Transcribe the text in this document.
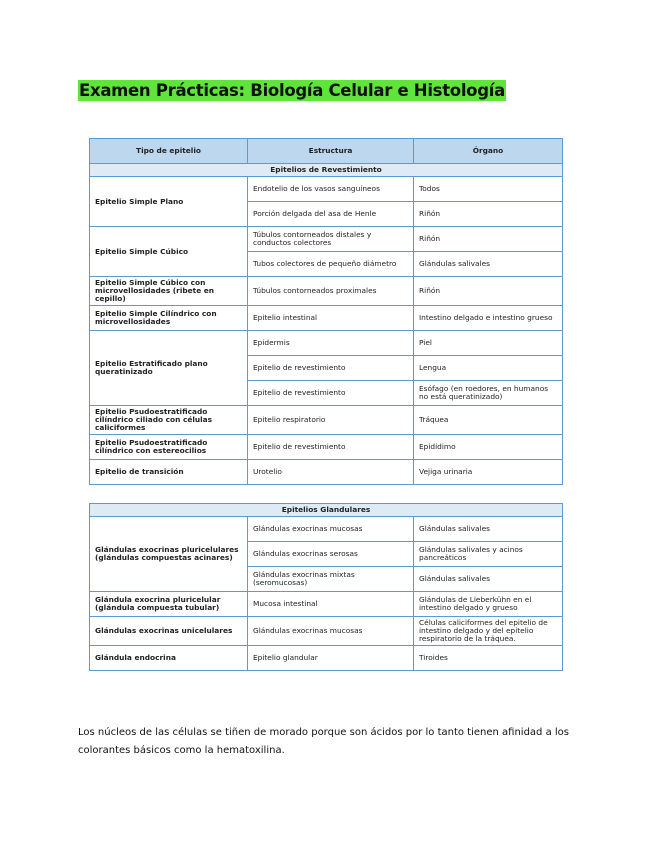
Examen Prácticas: Biología Celular e Histología
Tipo de epitelio	Estructura	Órgano
Epitelios de Revestimiento		
Epitelio Simple Plano	Endotelio de los vasos sanguíneos	Todos
	Porción delgada del asa de Henle	Riñón
Epitelio Simple Cúbico	Túbulos contorneados distales y conductos colectores	Riñón
	Tubos colectores de pequeño diámetro	Glándulas salivales
Epitelio Simple Cúbico con microvellosidades (ribete en cepillo)	Túbulos contorneados proximales	Riñón
Epitelio Simple Cilíndrico con microvellosidades	Epitelio intestinal	Intestino delgado e intestino grueso
Epitelio Estratificado plano queratinizado	Epidermis	Piel
	Epitelio de revestimiento	Lengua
	Epitelio de revestimiento	Esófago (en roedores, en humanos no está queratinizado)
Epitelio Psudoestratificado cilíndrico ciliado con células caliciformes	Epitelio respiratorio	Tráquea
Epitelio Psudoestratificado cilíndrico con estereocilios	Epitelio de revestimiento	Epidídimo
Epitelio de transición	Urotelio	Vejiga urinaria
Epitelios Glandulares		
Glándulas exocrinas pluricelulares (glándulas compuestas acinares)	Glándulas exocrinas mucosas	Glándulas salivales
	Glándulas exocrinas serosas	Glándulas salivales y acinos pancreáticos
	Glándulas exocrinas mixtas (seromucosas)	Glándulas salivales
Glándula exocrina pluricelular (glándula compuesta tubular)	Mucosa intestinal	Glándulas de Lieberkühn en el intestino delgado y grueso
Glándulas exocrinas unicelulares	Glándulas exocrinas mucosas	Células caliciformes del epitelio de intestino delgado y del epitelio respiratorio de la tráquea.
Glándula endocrina	Epitelio glandular	Tiroides
Los núcleos de las células se tiñen de morado porque son ácidos por lo tanto tienen afinidad a los colorantes básicos como la hematoxilina.
